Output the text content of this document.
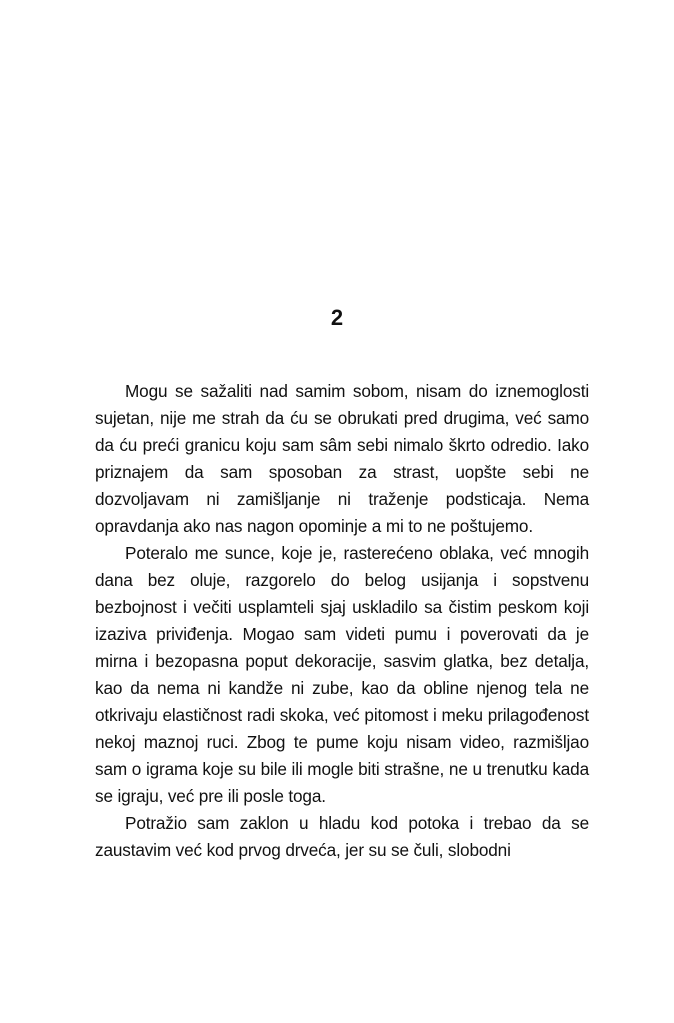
2

Mogu se sažaliti nad samim sobom, nisam do iznemoglosti sujetan, nije me strah da ću se obrukati pred drugima, već samo da ću preći granicu koju sam sâm sebi nimalo škrto odredio. Iako priznajem da sam sposoban za strast, uopšte sebi ne dozvoljavam ni zamišljanje ni traženje podsticaja. Nema opravdanja ako nas nagon opominje a mi to ne poštujemo.

Poteralo me sunce, koje je, rasterećeno oblaka, već mnogih dana bez oluje, razgorelo do belog usijanja i sopstvenu bezbojnost i večiti usplamteli sjaj uskladilo sa čistim peskom koji izaziva priviđenja. Mogao sam videti pumu i poverovati da je mirna i bezopasna poput dekoracije, sasvim glatka, bez detalja, kao da nema ni kandže ni zube, kao da obline njenog tela ne otkrivaju elastičnost radi skoka, već pitomost i meku prilagođenost nekoj maznoj ruci. Zbog te pume koju nisam video, razmišljao sam o igrama koje su bile ili mogle biti strašne, ne u trenutku kada se igraju, već pre ili posle toga.

Potražio sam zaklon u hladu kod potoka i trebao da se zaustavim već kod prvog drveća, jer su se čuli, slobodni
